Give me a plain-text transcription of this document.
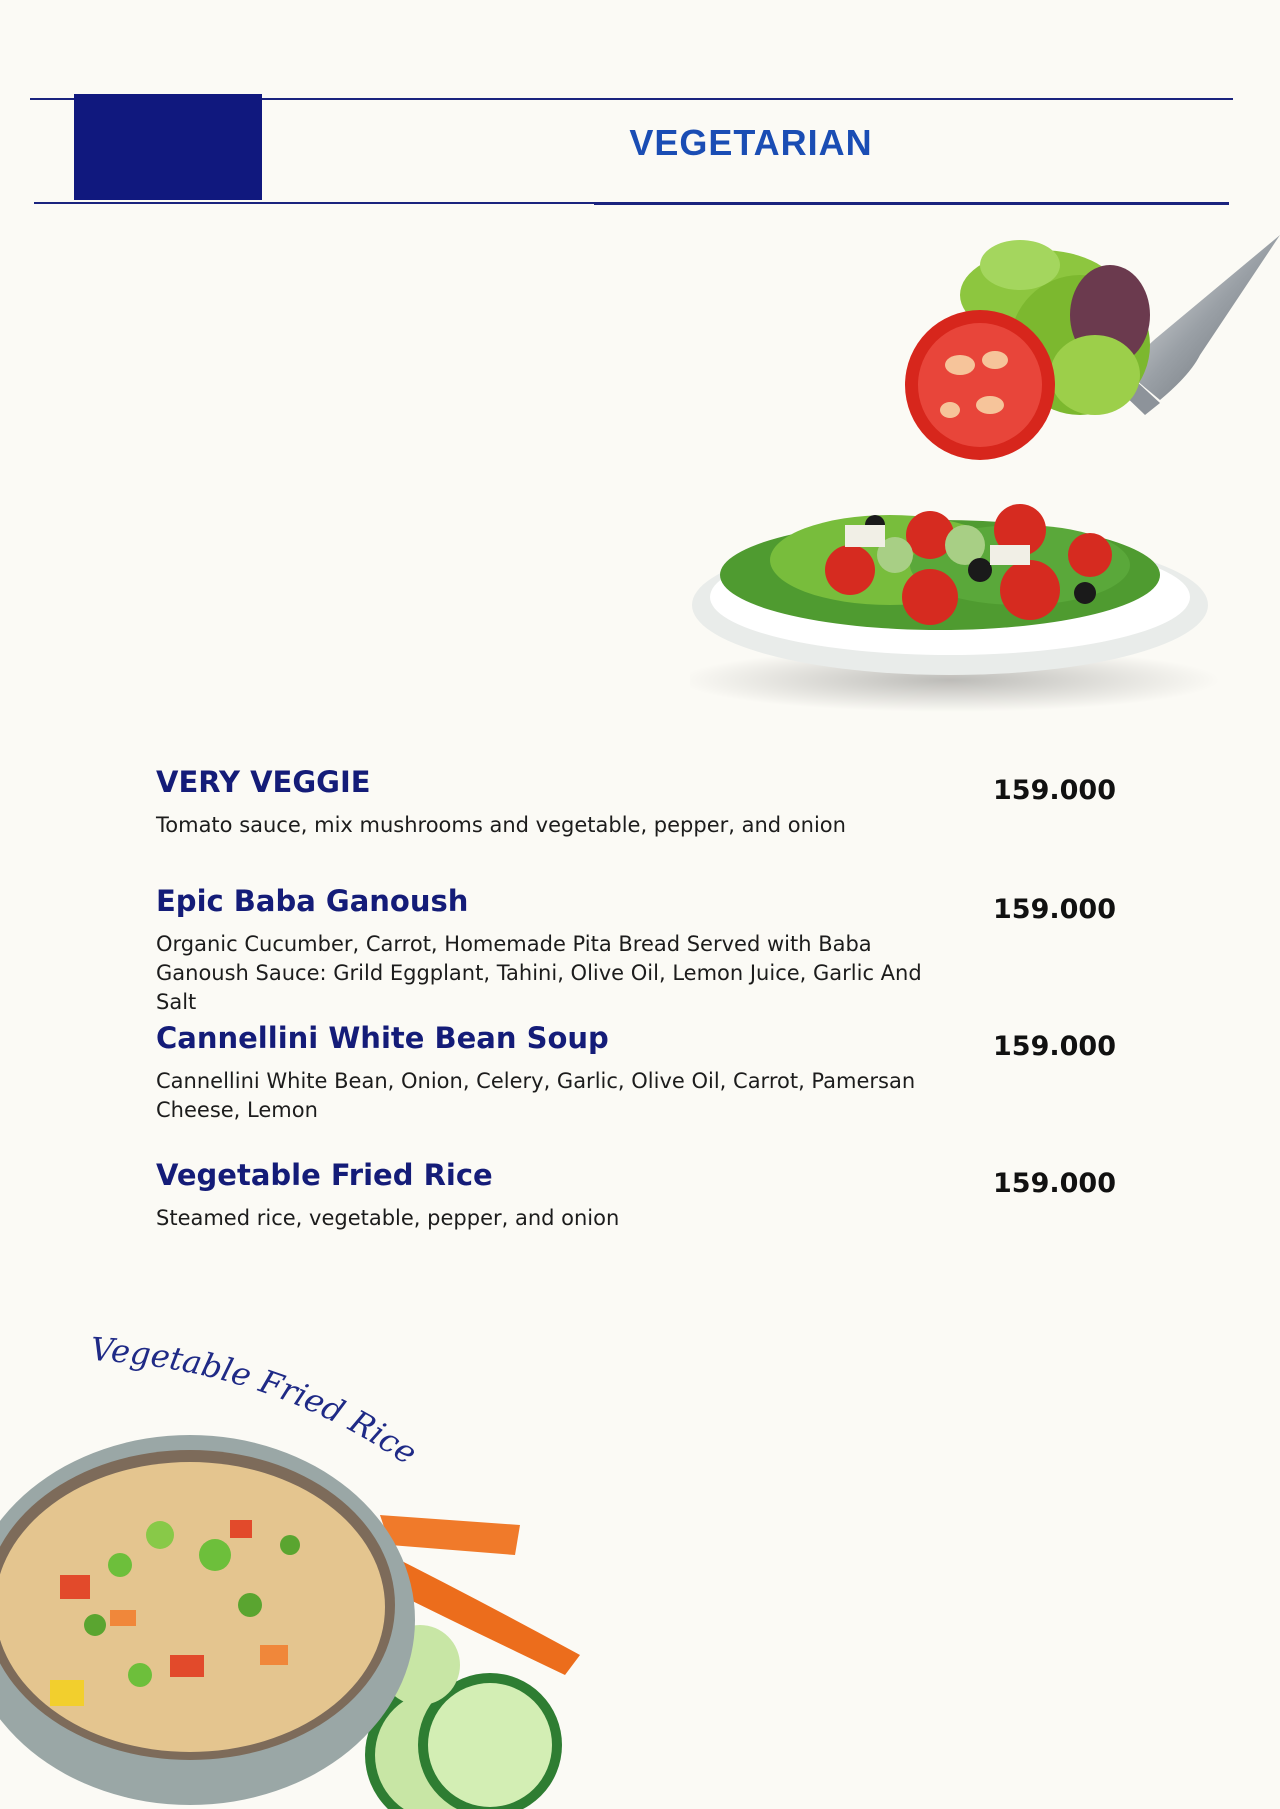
VEGETARIAN
VERY VEGGIE
Tomato sauce, mix mushrooms and vegetable, pepper, and onion
159.000
Epic Baba Ganoush
Organic Cucumber, Carrot, Homemade Pita Bread Served with Baba Ganoush Sauce: Grild Eggplant, Tahini, Olive Oil, Lemon Juice, Garlic And Salt
159.000
Cannellini White Bean Soup
Cannellini White Bean, Onion, Celery, Garlic, Olive Oil, Carrot, Pamersan Cheese, Lemon
159.000
Vegetable Fried Rice
Steamed rice, vegetable, pepper, and onion
159.000
Vegetable Fried Rice
